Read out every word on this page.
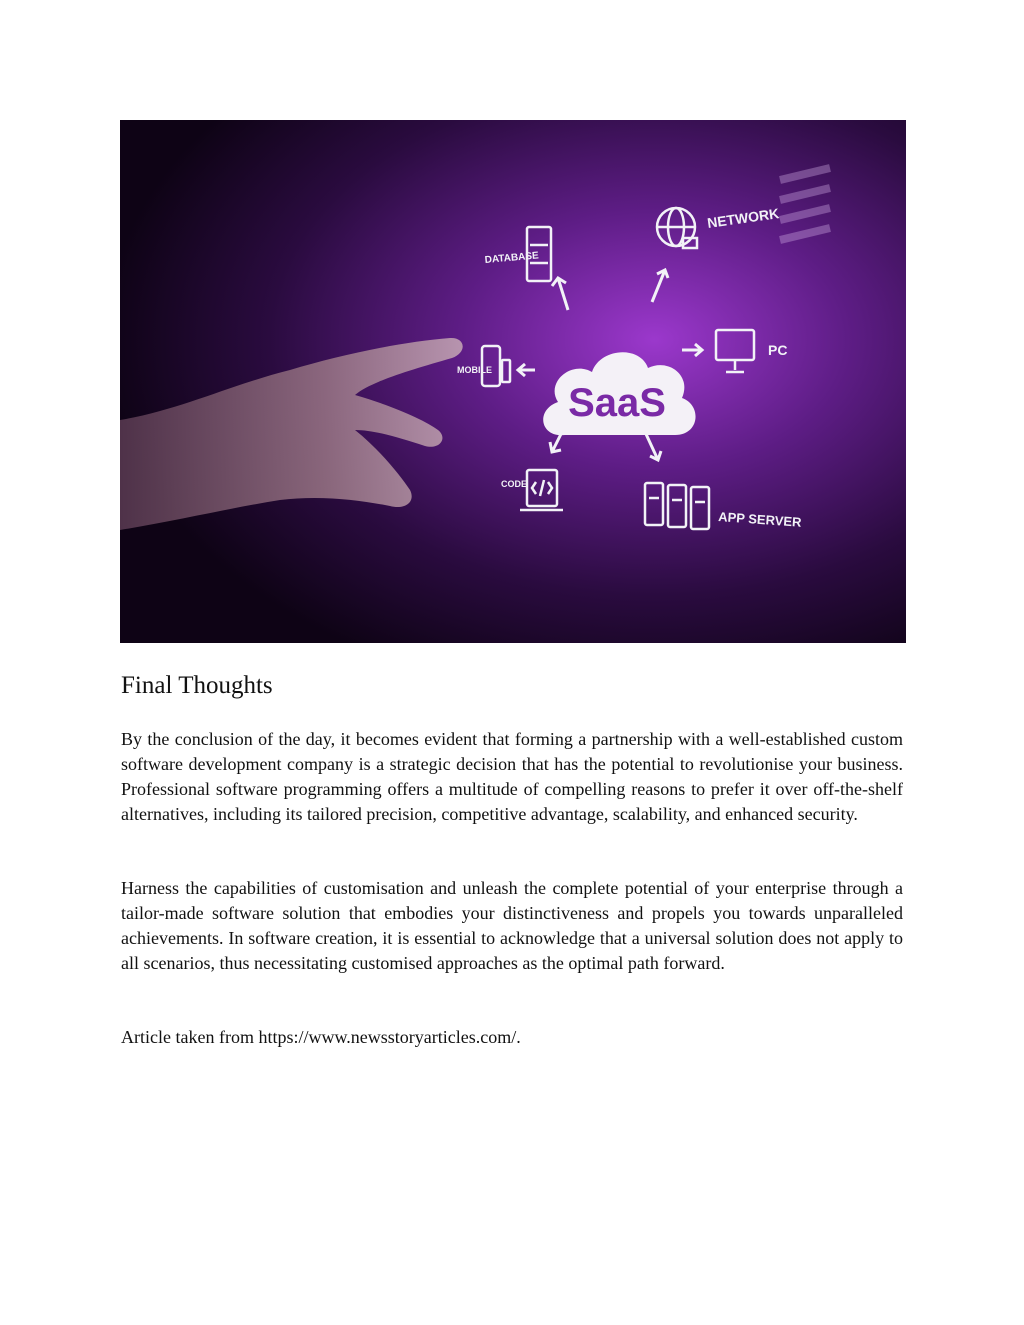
SaaS
DATABASE
NETWORK
PC
MOBILE
CODE
APP SERVER
Final Thoughts

By the conclusion of the day, it becomes evident that forming a partnership with a well-established custom software development company is a strategic decision that has the potential to revolutionise your business. Professional software programming offers a multitude of compelling reasons to prefer it over off-the-shelf alternatives, including its tailored precision, competitive advantage, scalability, and enhanced security.

Harness the capabilities of customisation and unleash the complete potential of your enterprise through a tailor-made software solution that embodies your distinctiveness and propels you towards unparalleled achievements. In software creation, it is essential to acknowledge that a universal solution does not apply to all scenarios, thus necessitating customised approaches as the optimal path forward.

Article taken from https://www.newsstoryarticles.com/.
